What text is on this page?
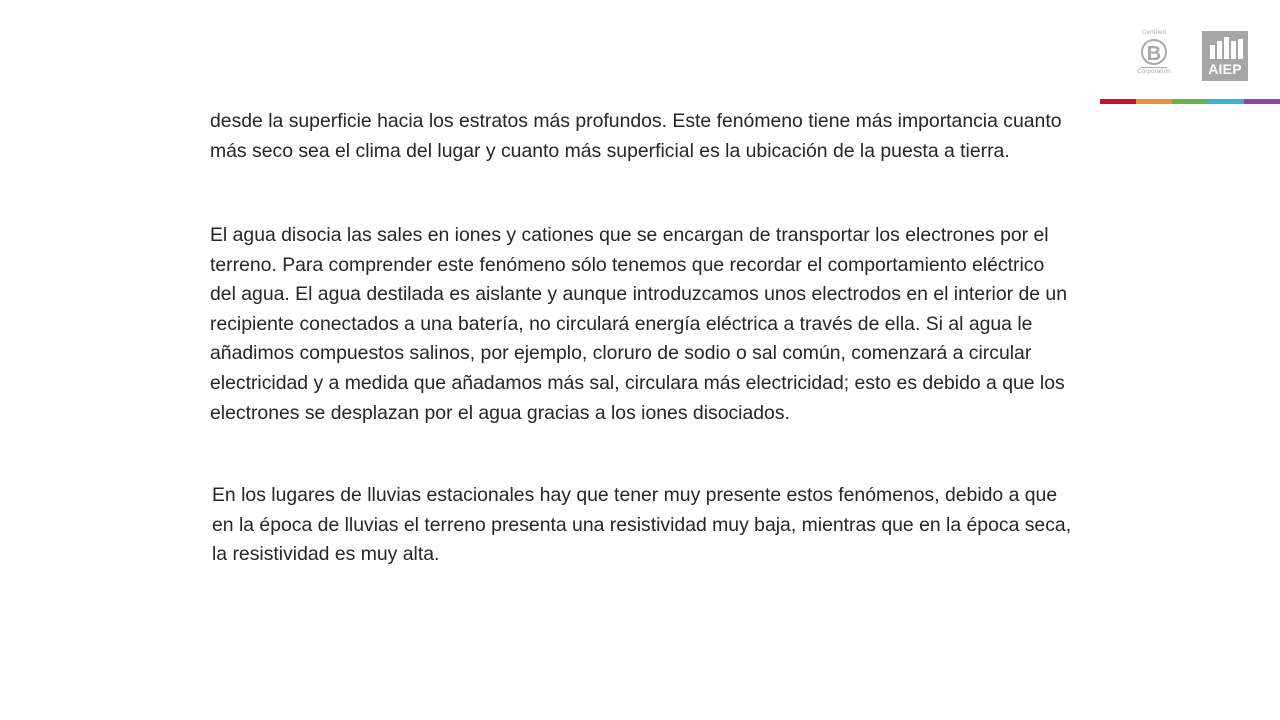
Certified
B
Corporation	AIEP

desde la superficie hacia los estratos más profundos. Este fenómeno tiene más importancia cuanto más seco sea el clima del lugar y cuanto más superficial es la ubicación de la puesta a tierra.

El agua disocia las sales en iones y cationes que se encargan de transportar los electrones por el terreno. Para comprender este fenómeno sólo tenemos que recordar el comportamiento eléctrico del agua. El agua destilada es aislante y aunque introduzcamos unos electrodos en el interior de un recipiente conectados a una batería, no circulará energía eléctrica a través de ella. Si al agua le añadimos compuestos salinos, por ejemplo, cloruro de sodio o sal común, comenzará a circular electricidad y a medida que añadamos más sal, circulara más electricidad; esto es debido a que los electrones se desplazan por el agua gracias a los iones disociados.

En los lugares de lluvias estacionales hay que tener muy presente estos fenómenos, debido a que en la época de lluvias el terreno presenta una resistividad muy baja, mientras que en la época seca, la resistividad es muy alta.
